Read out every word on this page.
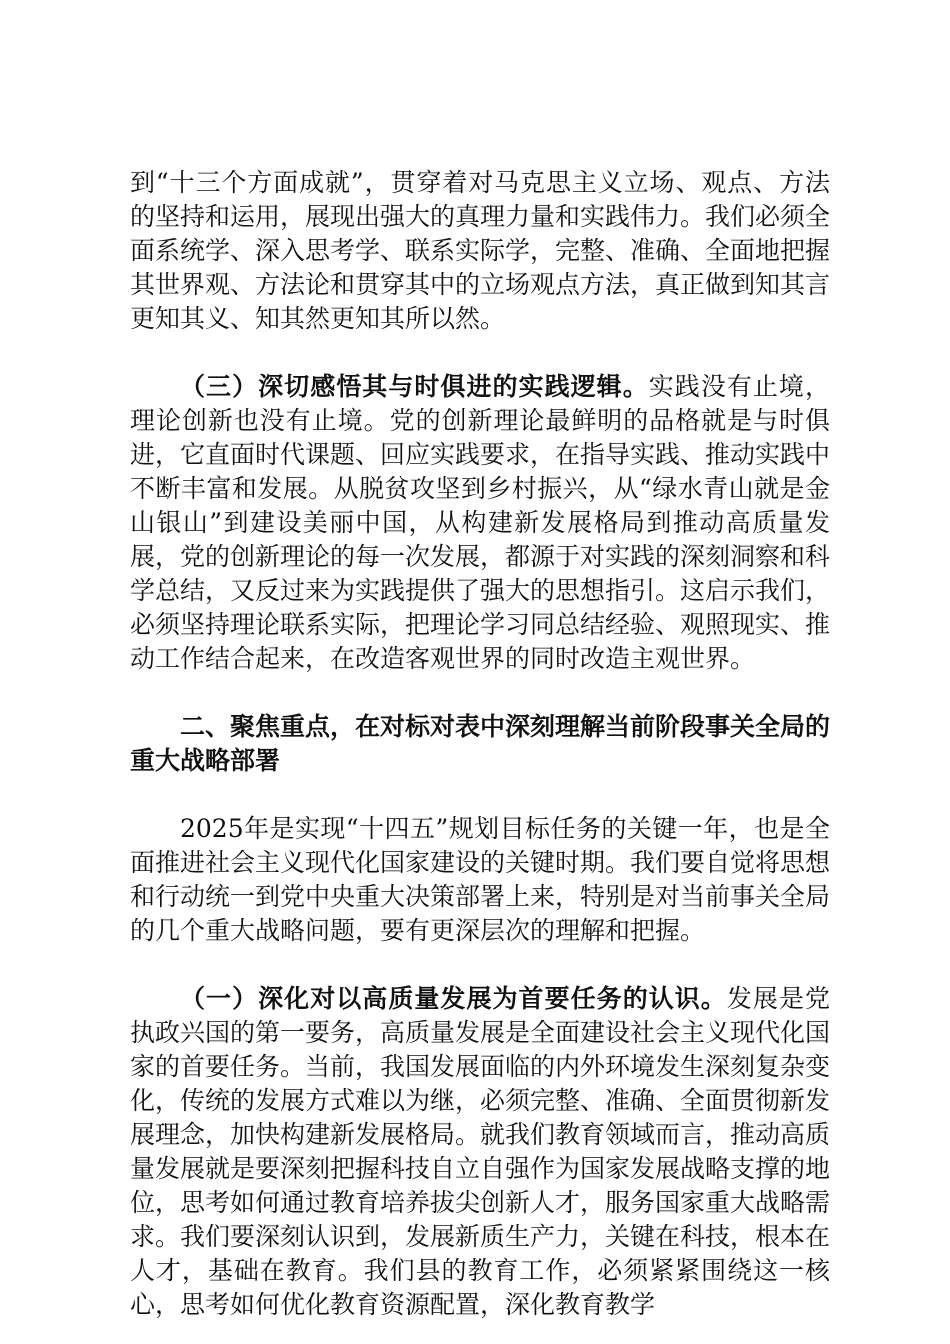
到“十三个方面成就”，贯穿着对马克思主义立场、观点、方法的坚持和运用，展现出强大的真理力量和实践伟力。我们必须全面系统学、深入思考学、联系实际学，完整、准确、全面地把握其世界观、方法论和贯穿其中的立场观点方法，真正做到知其言更知其义、知其然更知其所以然。

（三）深切感悟其与时俱进的实践逻辑。实践没有止境，理论创新也没有止境。党的创新理论最鲜明的品格就是与时俱进，它直面时代课题、回应实践要求，在指导实践、推动实践中不断丰富和发展。从脱贫攻坚到乡村振兴，从“绿水青山就是金山银山”到建设美丽中国，从构建新发展格局到推动高质量发展，党的创新理论的每一次发展，都源于对实践的深刻洞察和科学总结，又反过来为实践提供了强大的思想指引。这启示我们，必须坚持理论联系实际，把理论学习同总结经验、观照现实、推动工作结合起来，在改造客观世界的同时改造主观世界。

二、聚焦重点，在对标对表中深刻理解当前阶段事关全局的重大战略部署

2025年是实现“十四五”规划目标任务的关键一年，也是全面推进社会主义现代化国家建设的关键时期。我们要自觉将思想和行动统一到党中央重大决策部署上来，特别是对当前事关全局的几个重大战略问题，要有更深层次的理解和把握。

（一）深化对以高质量发展为首要任务的认识。发展是党执政兴国的第一要务，高质量发展是全面建设社会主义现代化国家的首要任务。当前，我国发展面临的内外环境发生深刻复杂变化，传统的发展方式难以为继，必须完整、准确、全面贯彻新发展理念，加快构建新发展格局。就我们教育领域而言，推动高质量发展就是要深刻把握科技自立自强作为国家发展战略支撑的地位，思考如何通过教育培养拔尖创新人才，服务国家重大战略需求。我们要深刻认识到，发展新质生产力，关键在科技，根本在人才，基础在教育。我们县的教育工作，必须紧紧围绕这一核心，思考如何优化教育资源配置，深化教育教学
